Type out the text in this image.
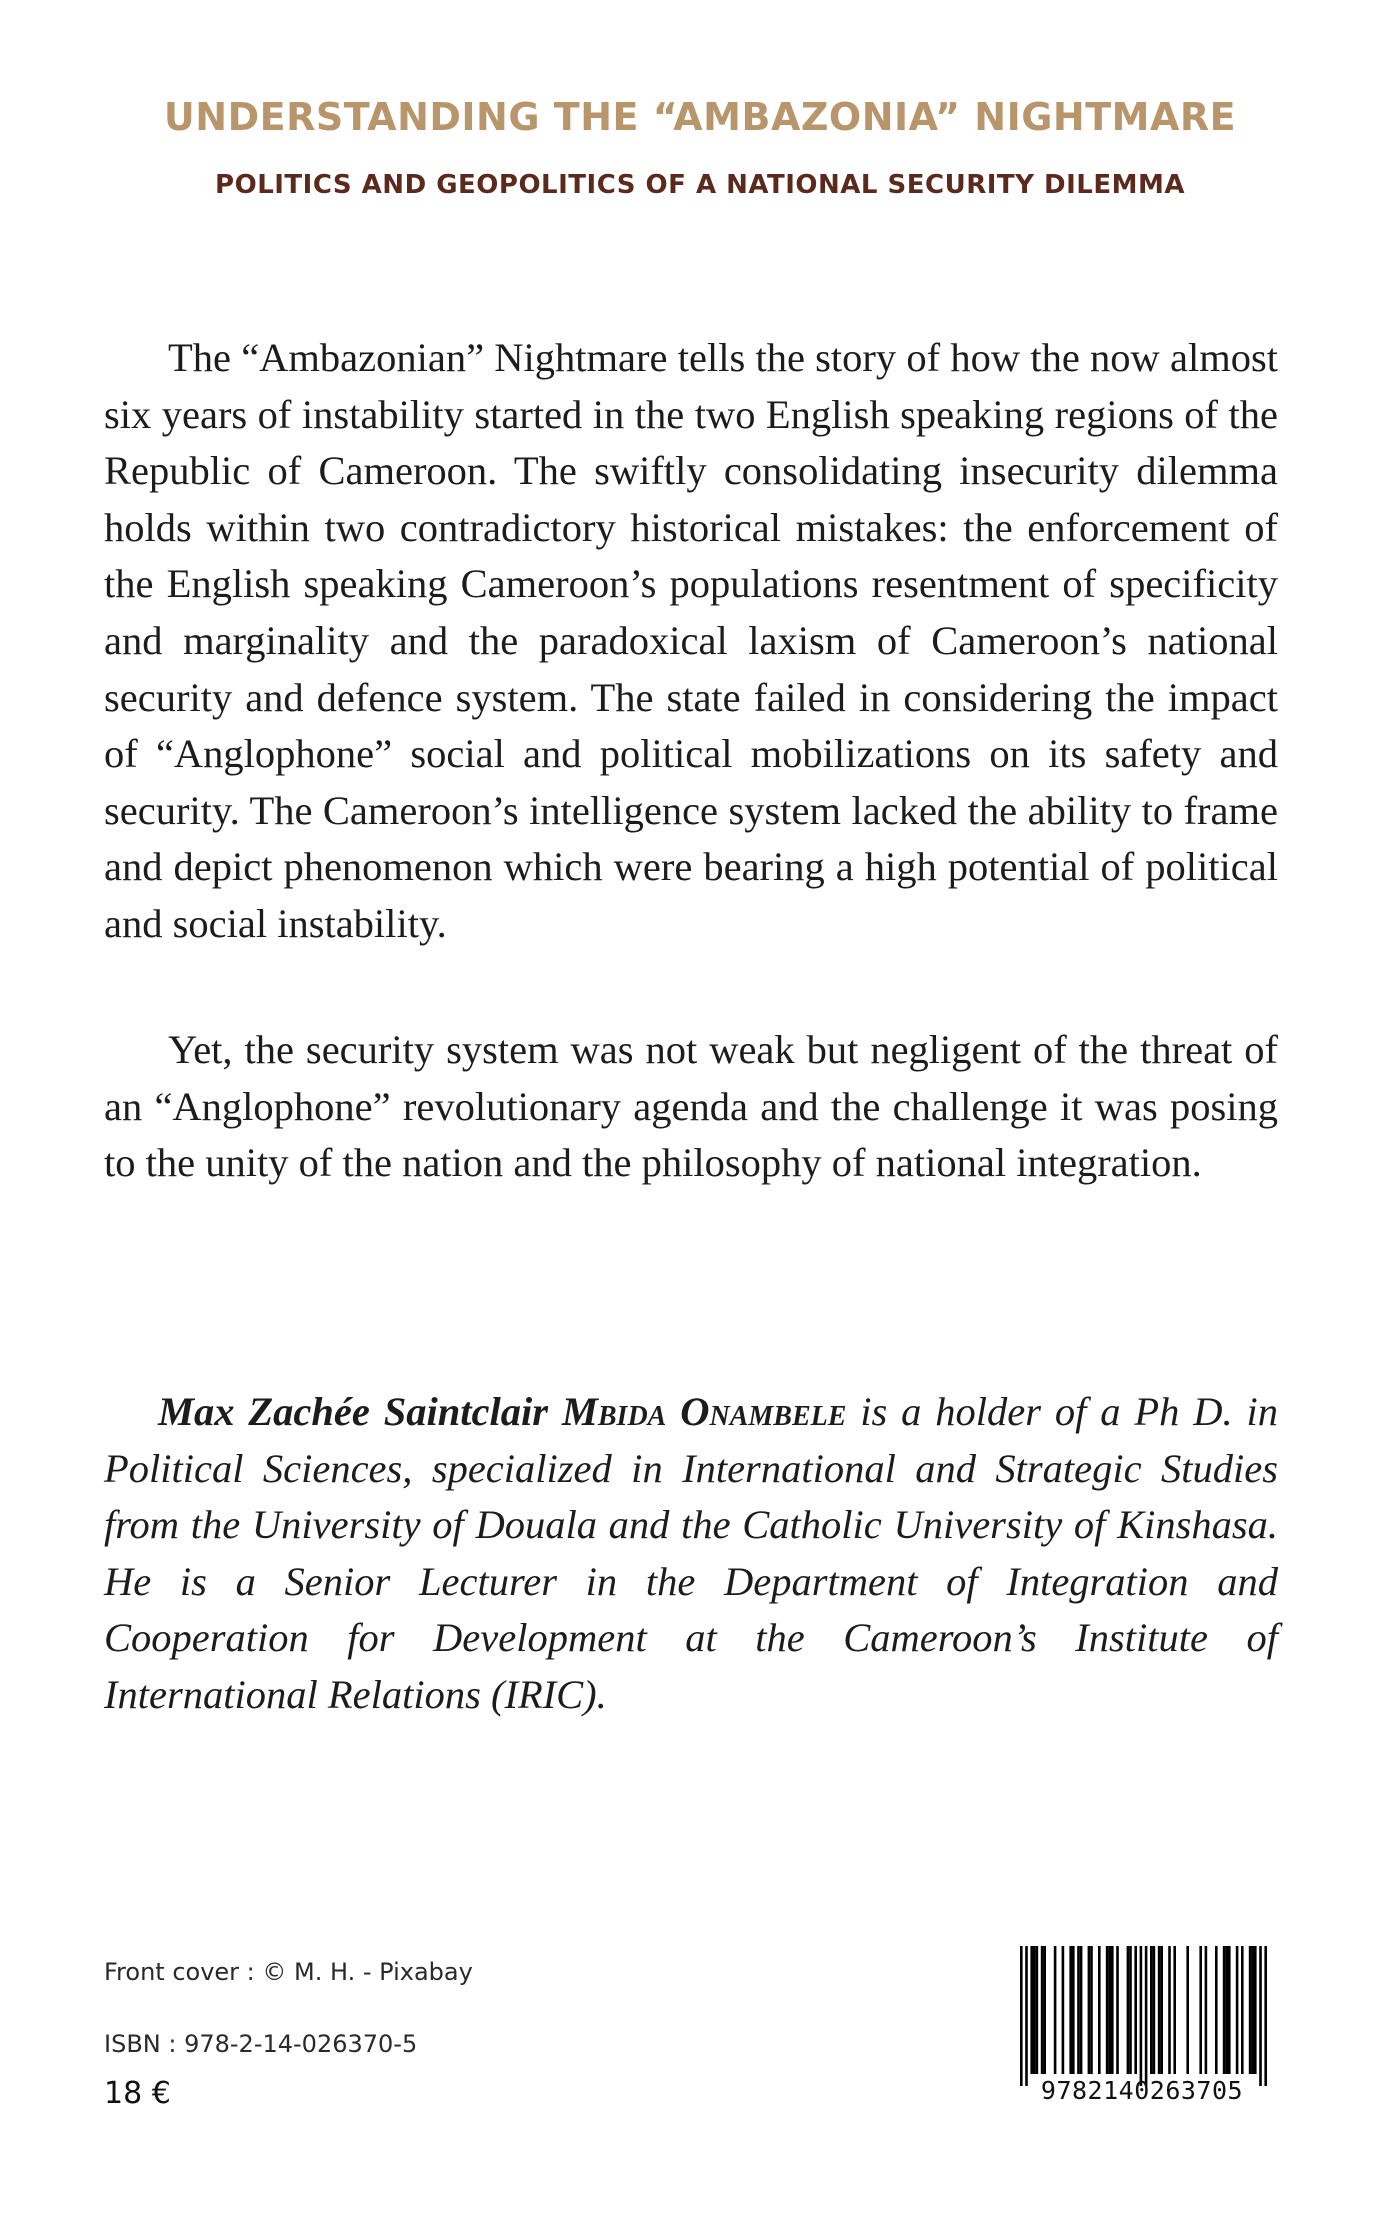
UNDERSTANDING THE “AMBAZONIA” NIGHTMARE
POLITICS AND GEOPOLITICS OF A NATIONAL SECURITY DILEMMA

The “Ambazonian” Nightmare tells the story of how the now almost six years of instability started in the two English speaking regions of the Republic of Cameroon. The swiftly consolidating insecurity dilemma holds within two contradictory historical mistakes: the enforcement of the English speaking Cameroon’s populations resentment of specificity and marginality and the paradoxical laxism of Cameroon’s national security and defence system. The state failed in considering the impact of “Anglophone” social and political mobilizations on its safety and security. The Cameroon’s intelligence system lacked the ability to frame and depict phenomenon which were bearing a high potential of political and social instability.

Yet, the security system was not weak but negligent of the threat of an “Anglophone” revolutionary agenda and the challenge it was posing to the unity of the nation and the philosophy of national integration.

Max Zachée Saintclair Mbida Onambele is a holder of a Ph D. in Political Sciences, specialized in International and Strategic Studies from the University of Douala and the Catholic University of Kinshasa. He is a Senior Lecturer in the Department of Integration and Cooperation for Development at the Cameroon’s Institute of International Relations (IRIC).

Front cover : © M. H. - Pixabay

ISBN : 978-2-14-026370-5

18 €	9782140263705
